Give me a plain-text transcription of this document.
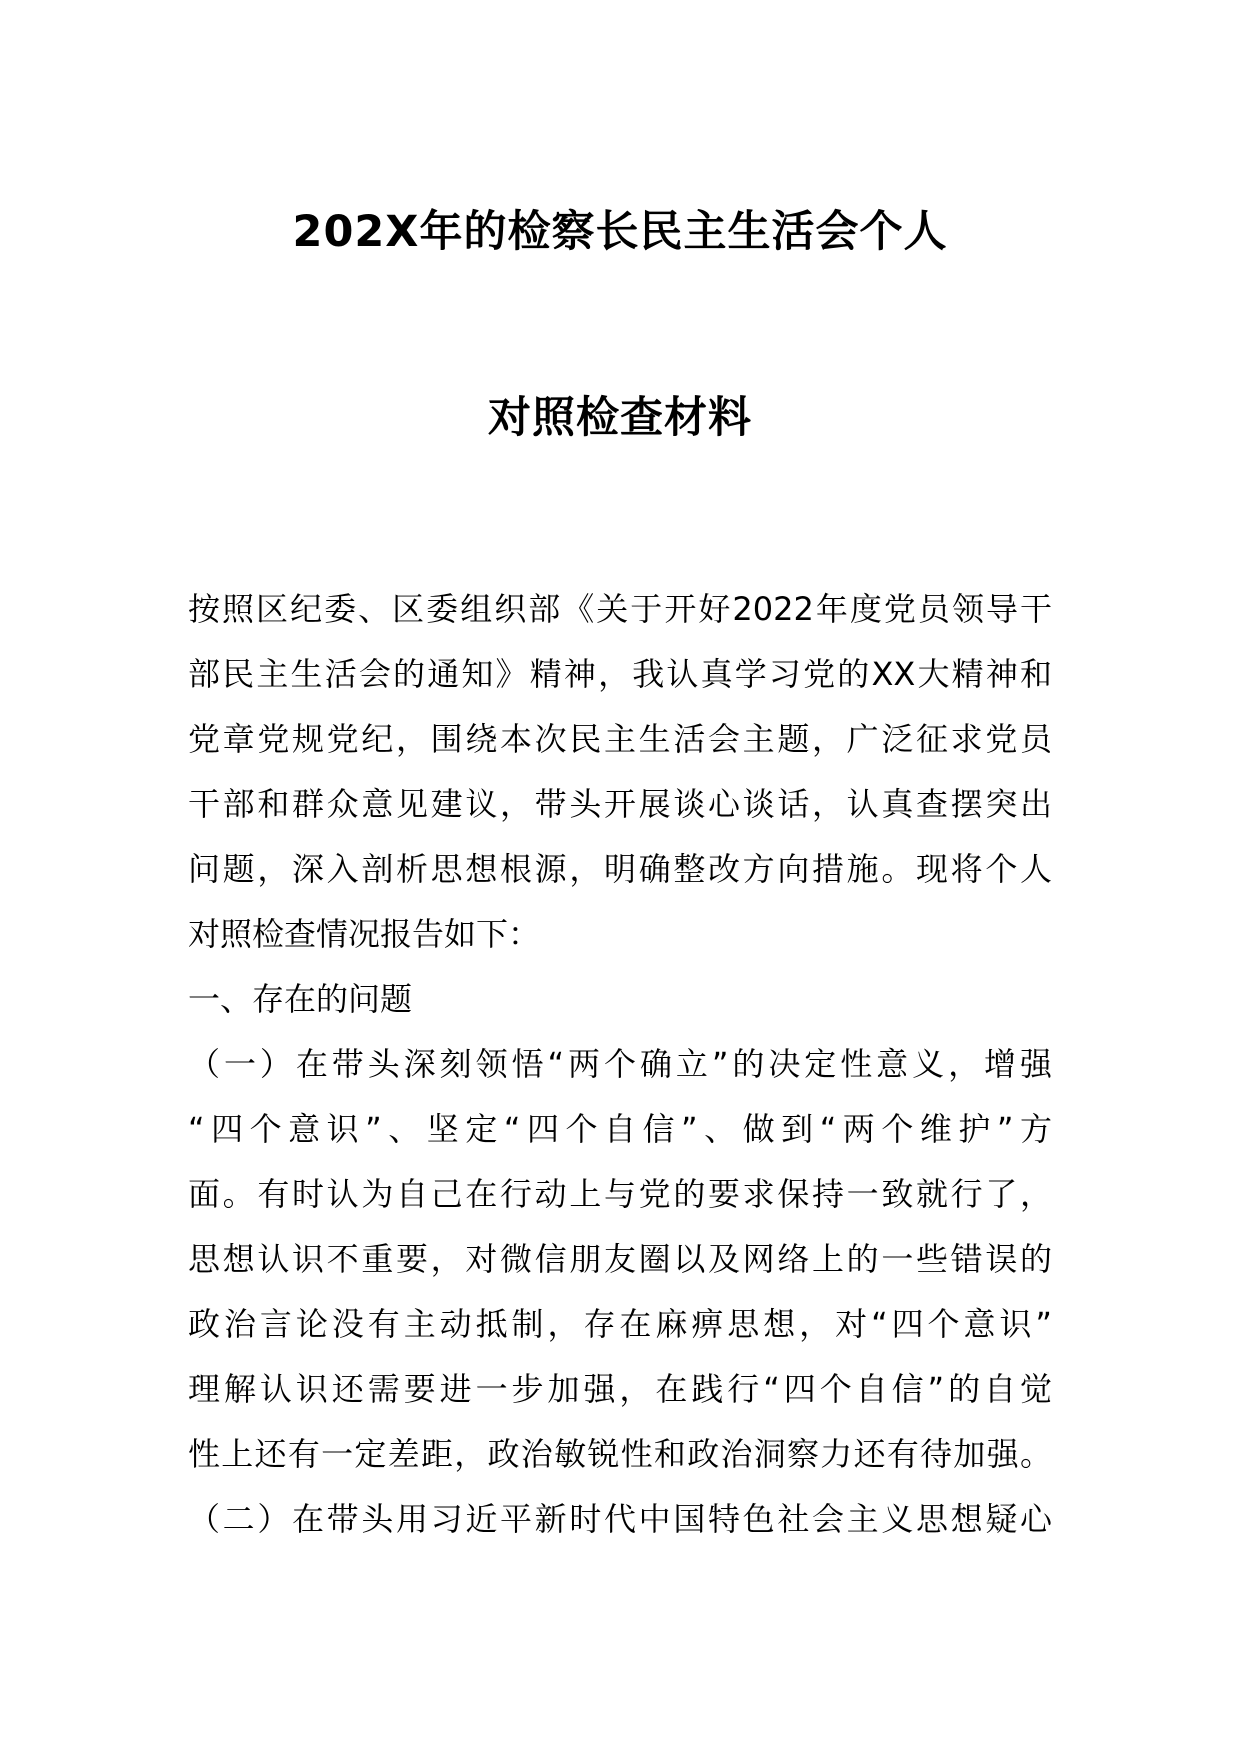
202X年的检察长民主生活会个人
对照检查材料
按照区纪委、区委组织部《关于开好2022年度党员领导干
部民主生活会的通知》精神，我认真学习党的XX大精神和
党章党规党纪，围绕本次民主生活会主题，广泛征求党员
干部和群众意见建议，带头开展谈心谈话，认真查摆突出
问题，深入剖析思想根源，明确整改方向措施。现将个人
对照检查情况报告如下：
一、存在的问题
（一）在带头深刻领悟“两个确立”的决定性意义，增强
“四个意识”、坚定“四个自信”、做到“两个维护”方
面。有时认为自己在行动上与党的要求保持一致就行了，
思想认识不重要，对微信朋友圈以及网络上的一些错误的
政治言论没有主动抵制，存在麻痹思想，对“四个意识”
理解认识还需要进一步加强，在践行“四个自信”的自觉
性上还有一定差距，政治敏锐性和政治洞察力还有待加强。
（二）在带头用习近平新时代中国特色社会主义思想疑心
